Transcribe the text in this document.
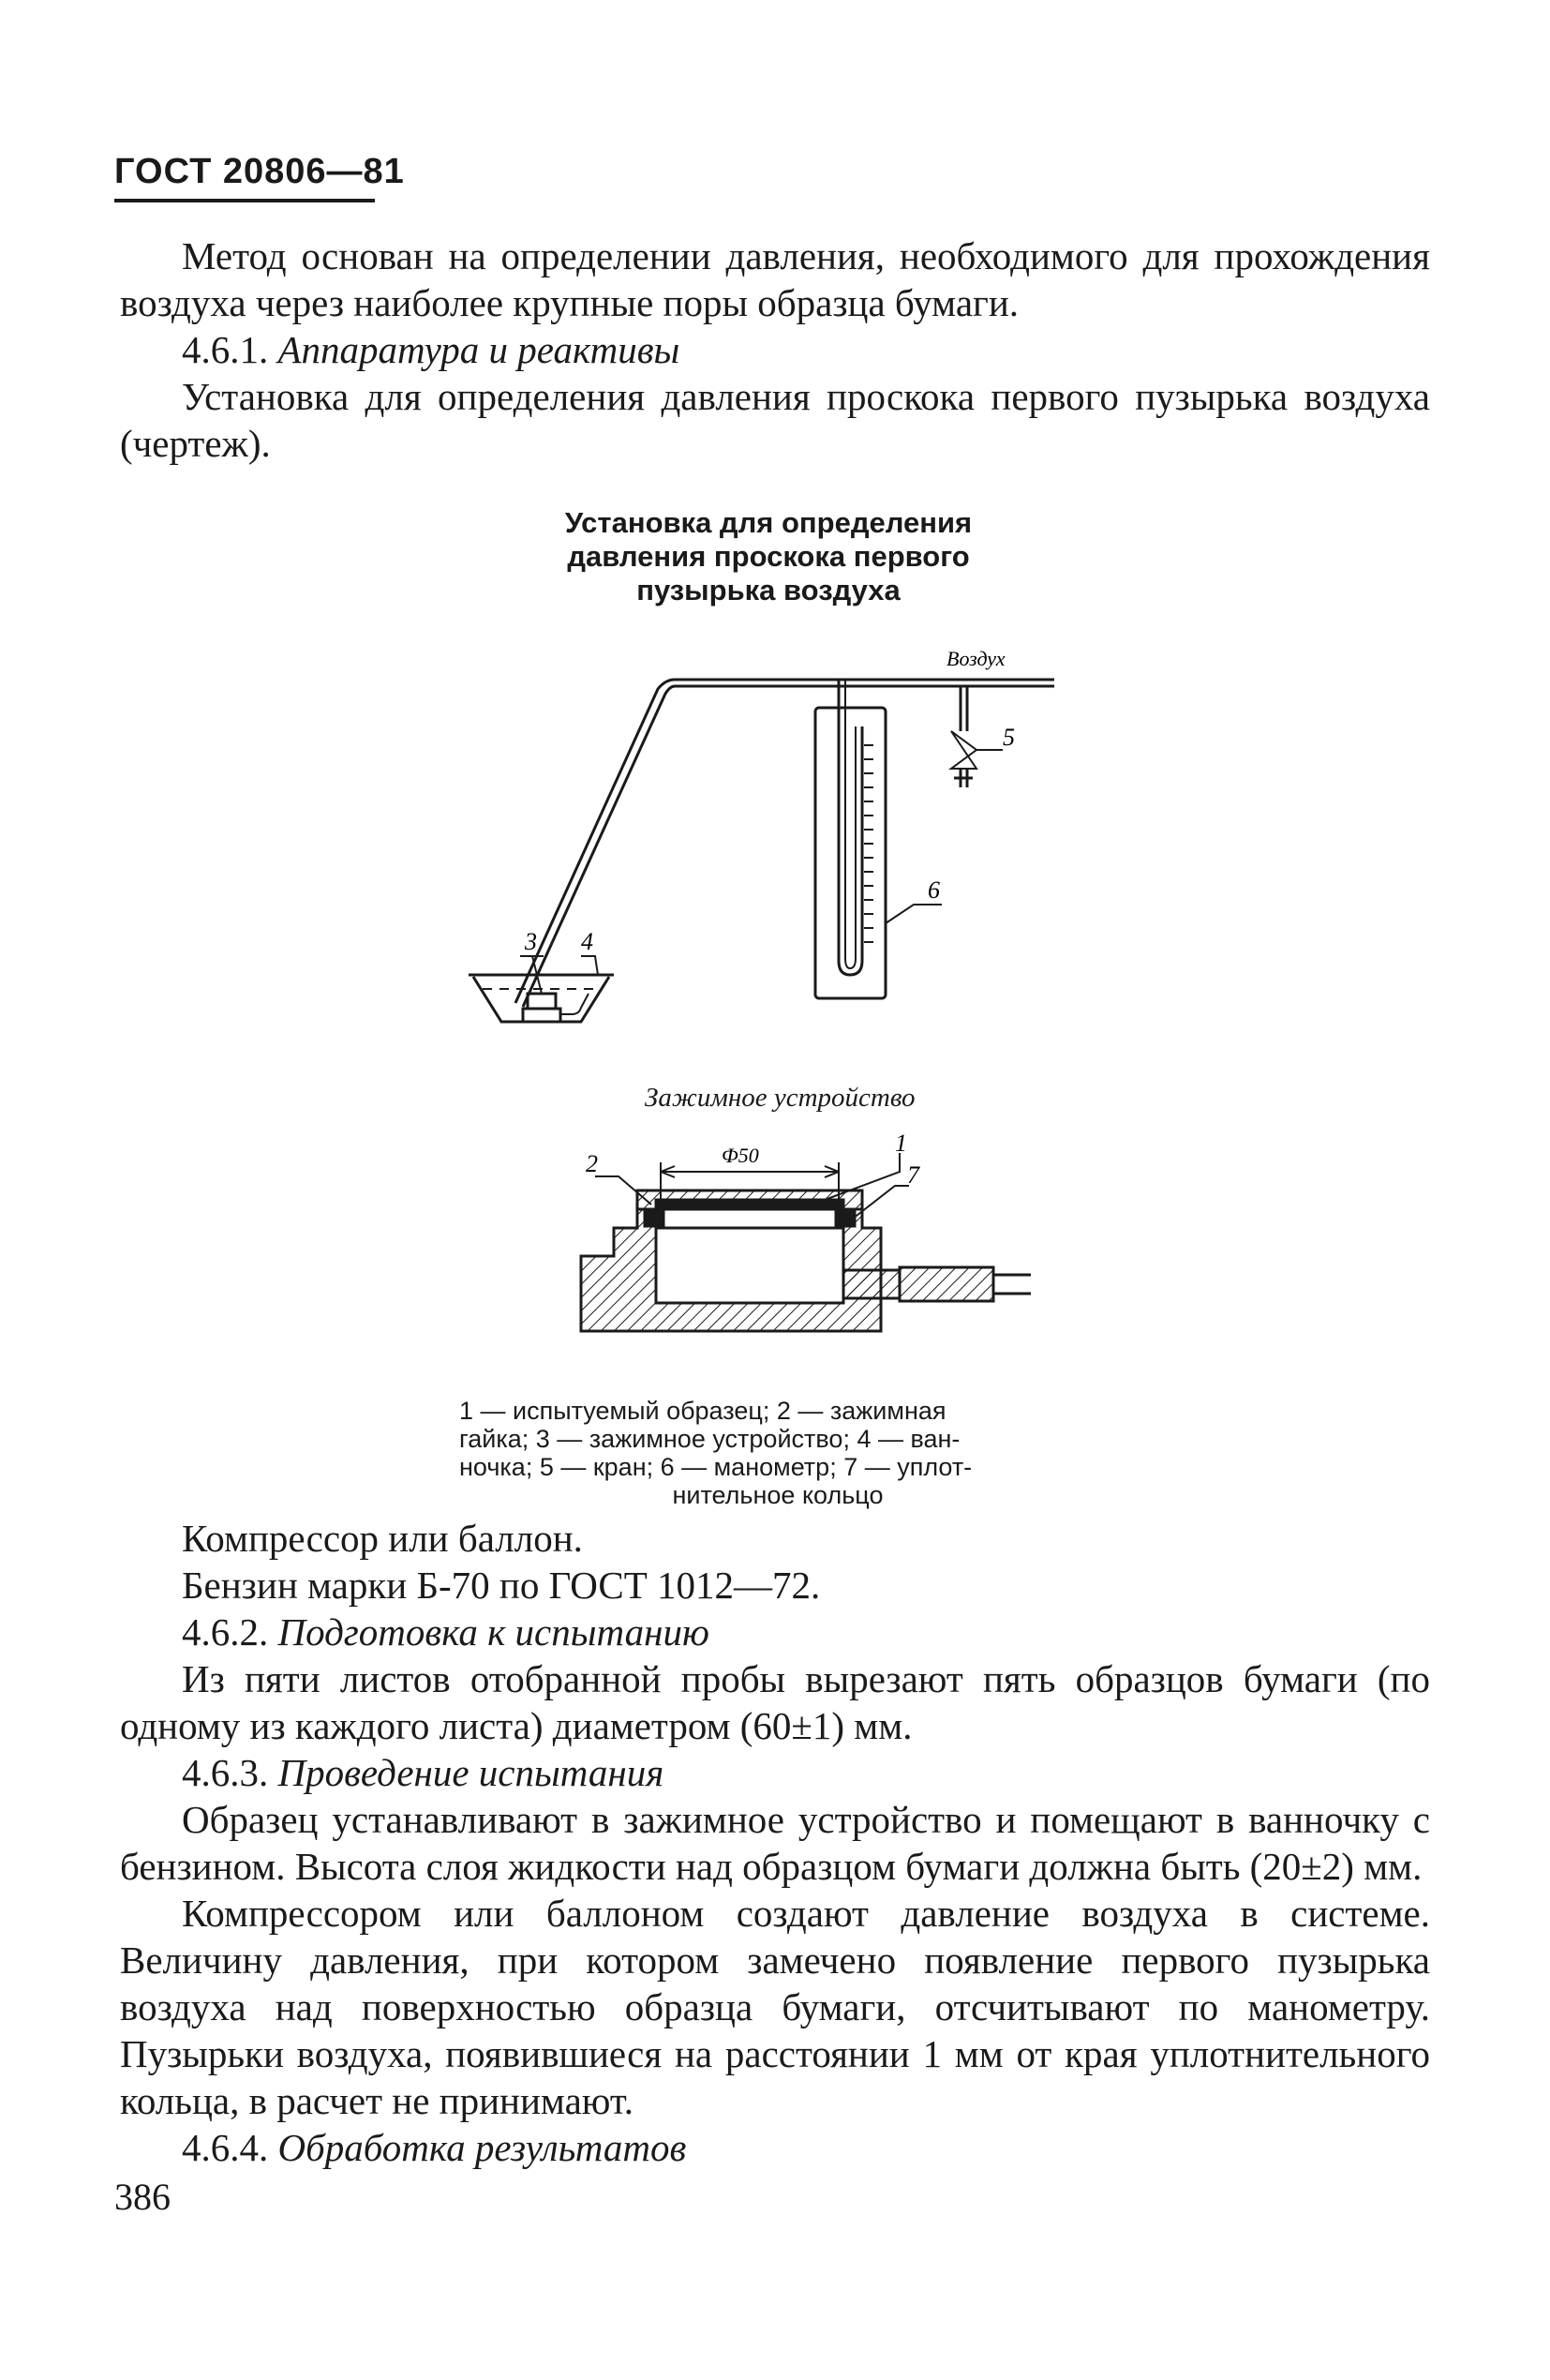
ГОСТ 20806—81

Метод основан на определении давления, необходимого для прохождения воздуха через наиболее крупные поры образца бумаги.

4.6.1. Аппаратура и реактивы

Установка для определения давления проскока первого пузырька воздуха (чертеж).

Установка для определения
давления проскока первого
пузырька воздуха
Воздух
5
6
3 4
Зажимное устройство
Ф50
2
1
7
1 — испытуемый образец; 2 — зажимная
гайка; 3 — зажимное устройство; 4 — ван-
ночка; 5 — кран; 6 — манометр; 7 — уплот-
нительное кольцо

Компрессор или баллон.

Бензин марки Б-70 по ГОСТ 1012—72.

4.6.2. Подготовка к испытанию

Из пяти листов отобранной пробы вырезают пять образцов бумаги (по одному из каждого листа) диаметром (60±1) мм.

4.6.3. Проведение испытания

Образец устанавливают в зажимное устройство и помещают в ванночку с бензином. Высота слоя жидкости над образцом бумаги должна быть (20±2) мм.

Компрессором или баллоном создают давление воздуха в системе. Величину давления, при котором замечено появление первого пузырька воздуха над поверхностью образца бумаги, отсчитывают по манометру. Пузырьки воздуха, появившиеся на расстоянии 1 мм от края уплотнительного кольца, в расчет не принимают.

4.6.4. Обработка результатов

386
